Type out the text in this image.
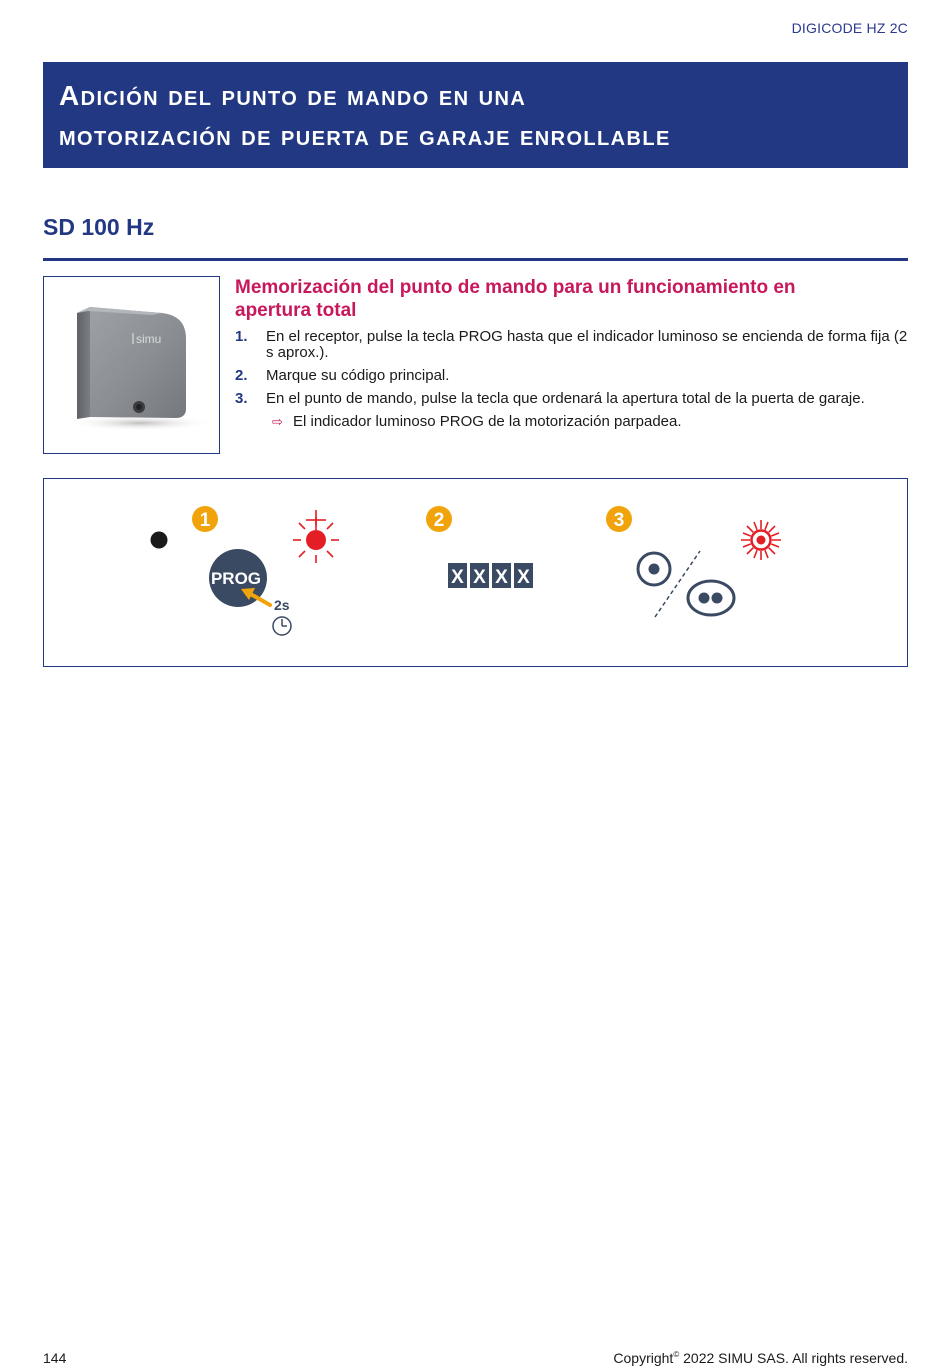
DIGICODE HZ 2C
Adición del punto de mando en una
motorización de puerta de garaje enrollable
SD 100 Hz
simu
Memorización del punto de mando para un funcionamiento en
apertura total
1. En el receptor, pulse la tecla PROG hasta que el indicador luminoso se encienda de forma fija (2 s aprox.).
2. Marque su código principal.
3. En el punto de mando, pulse la tecla que ordenará la apertura total de la puerta de garaje.
⇨ El indicador luminoso PROG de la motorización parpadea.
1
PROG
2s
2
X X X X
3
144	Copyright© 2022 SIMU SAS. All rights reserved.
